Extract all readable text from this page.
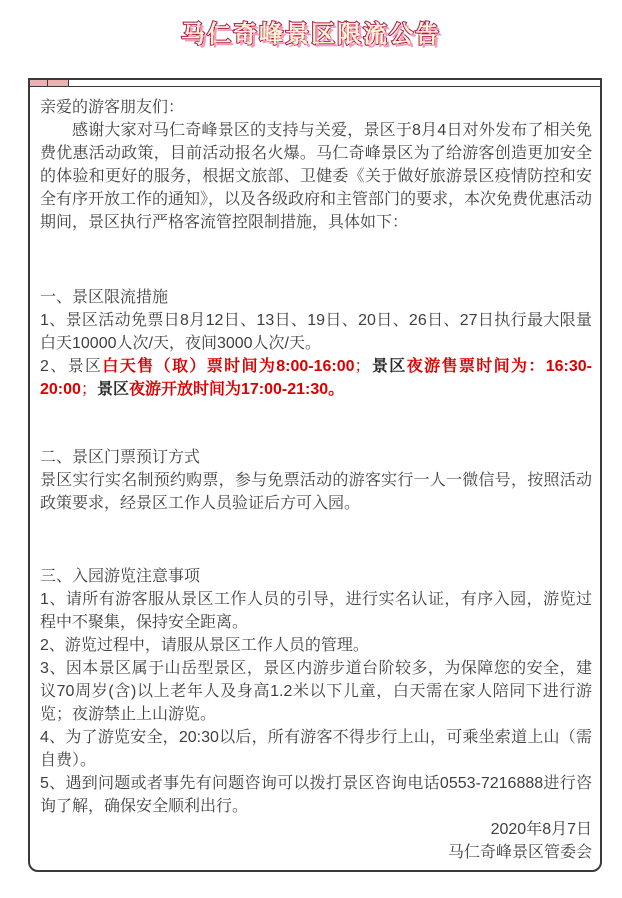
马仁奇峰景区限流公告

亲爱的游客朋友们：

感谢大家对马仁奇峰景区的支持与关爱，景区于8月4日对外发布了相关免费优惠活动政策，目前活动报名火爆。马仁奇峰景区为了给游客创造更加安全的体验和更好的服务，根据文旅部、卫健委《关于做好旅游景区疫情防控和安全有序开放工作的通知》，以及各级政府和主管部门的要求，本次免费优惠活动期间，景区执行严格客流管控限制措施，具体如下：

一、景区限流措施

1、景区活动免票日8月12日、13日、19日、20日、26日、27日执行最大限量白天10000人次/天，夜间3000人次/天。

2、景区白天售（取）票时间为8:00-16:00；景区夜游售票时间为：16:30-20:00；景区夜游开放时间为17:00-21:30。

二、景区门票预订方式

景区实行实名制预约购票，参与免票活动的游客实行一人一微信号，按照活动政策要求，经景区工作人员验证后方可入园。

三、入园游览注意事项

1、请所有游客服从景区工作人员的引导，进行实名认证，有序入园，游览过程中不聚集，保持安全距离。

2、游览过程中，请服从景区工作人员的管理。

3、因本景区属于山岳型景区，景区内游步道台阶较多，为保障您的安全，建议70周岁(含)以上老年人及身高1.2米以下儿童，白天需在家人陪同下进行游览；夜游禁止上山游览。

4、为了游览安全，20:30以后，所有游客不得步行上山，可乘坐索道上山（需自费）。

5、遇到问题或者事先有问题咨询可以拨打景区咨询电话0553-7216888进行咨询了解，确保安全顺利出行。

2020年8月7日

马仁奇峰景区管委会
